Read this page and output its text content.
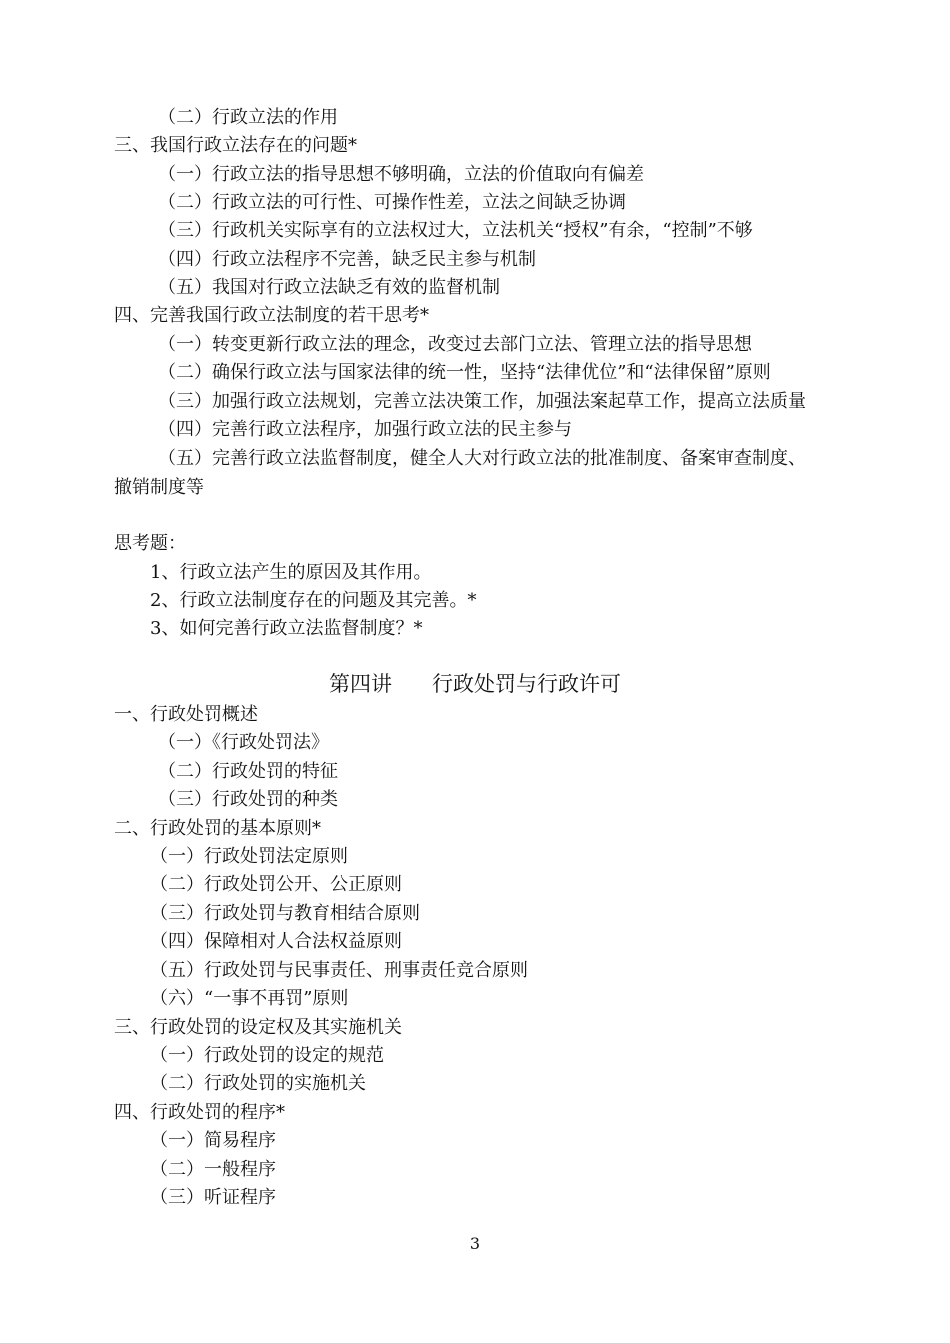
（二）行政立法的作用
三、我国行政立法存在的问题*
（一）行政立法的指导思想不够明确，立法的价值取向有偏差
（二）行政立法的可行性、可操作性差，立法之间缺乏协调
（三）行政机关实际享有的立法权过大，立法机关“授权”有余，“控制”不够
（四）行政立法程序不完善，缺乏民主参与机制
（五）我国对行政立法缺乏有效的监督机制
四、完善我国行政立法制度的若干思考*
（一）转变更新行政立法的理念，改变过去部门立法、管理立法的指导思想
（二）确保行政立法与国家法律的统一性，坚持“法律优位”和“法律保留”原则
（三）加强行政立法规划，完善立法决策工作，加强法案起草工作，提高立法质量
（四）完善行政立法程序，加强行政立法的民主参与
（五）完善行政立法监督制度，健全人大对行政立法的批准制度、备案审查制度、
撤销制度等
思考题：
1、行政立法产生的原因及其作用。
2、行政立法制度存在的问题及其完善。*
3、如何完善行政立法监督制度？*
第四讲      行政处罚与行政许可
一、行政处罚概述
（一）《行政处罚法》
（二）行政处罚的特征
（三）行政处罚的种类
二、行政处罚的基本原则*
（一）行政处罚法定原则
（二）行政处罚公开、公正原则
（三）行政处罚与教育相结合原则
（四）保障相对人合法权益原则
（五）行政处罚与民事责任、刑事责任竞合原则
（六）“一事不再罚”原则
三、行政处罚的设定权及其实施机关
（一）行政处罚的设定的规范
（二）行政处罚的实施机关
四、行政处罚的程序*
（一）简易程序
（二）一般程序
（三）听证程序
3
